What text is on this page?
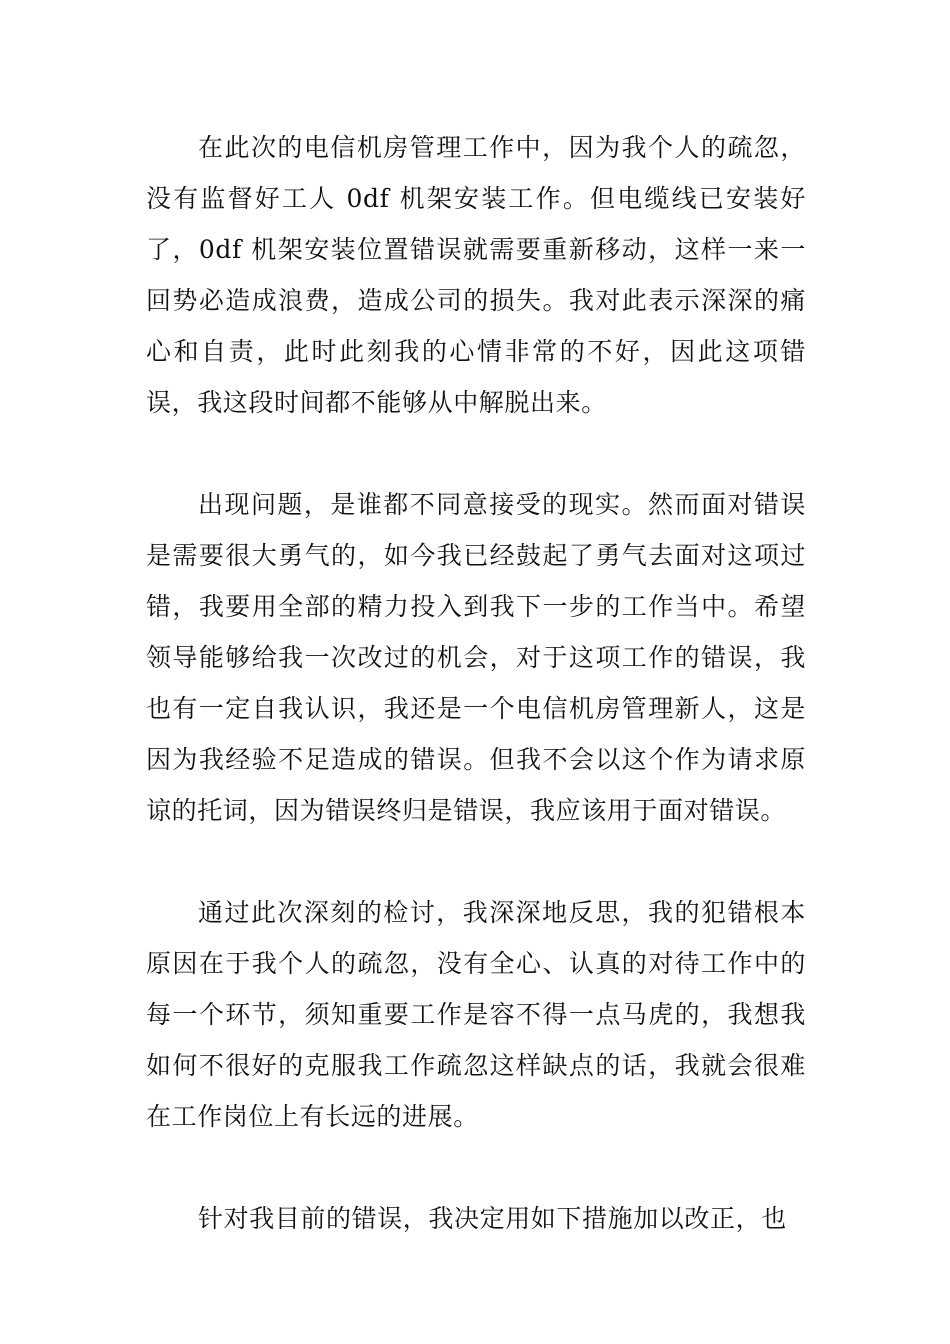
在此次的电信机房管理工作中，因为我个人的疏忽，没有监督好工人 0df 机架安装工作。但电缆线已安装好了，0df 机架安装位置错误就需要重新移动，这样一来一回势必造成浪费，造成公司的损失。我对此表示深深的痛心和自责，此时此刻我的心情非常的不好，因此这项错误，我这段时间都不能够从中解脱出来。

出现问题，是谁都不同意接受的现实。然而面对错误是需要很大勇气的，如今我已经鼓起了勇气去面对这项过错，我要用全部的精力投入到我下一步的工作当中。希望领导能够给我一次改过的机会，对于这项工作的错误，我也有一定自我认识，我还是一个电信机房管理新人，这是因为我经验不足造成的错误。但我不会以这个作为请求原谅的托词，因为错误终归是错误，我应该用于面对错误。

通过此次深刻的检讨，我深深地反思，我的犯错根本原因在于我个人的疏忽，没有全心、认真的对待工作中的每一个环节，须知重要工作是容不得一点马虎的，我想我如何不很好的克服我工作疏忽这样缺点的话，我就会很难在工作岗位上有长远的进展。

针对我目前的错误，我决定用如下措施加以改正，也
